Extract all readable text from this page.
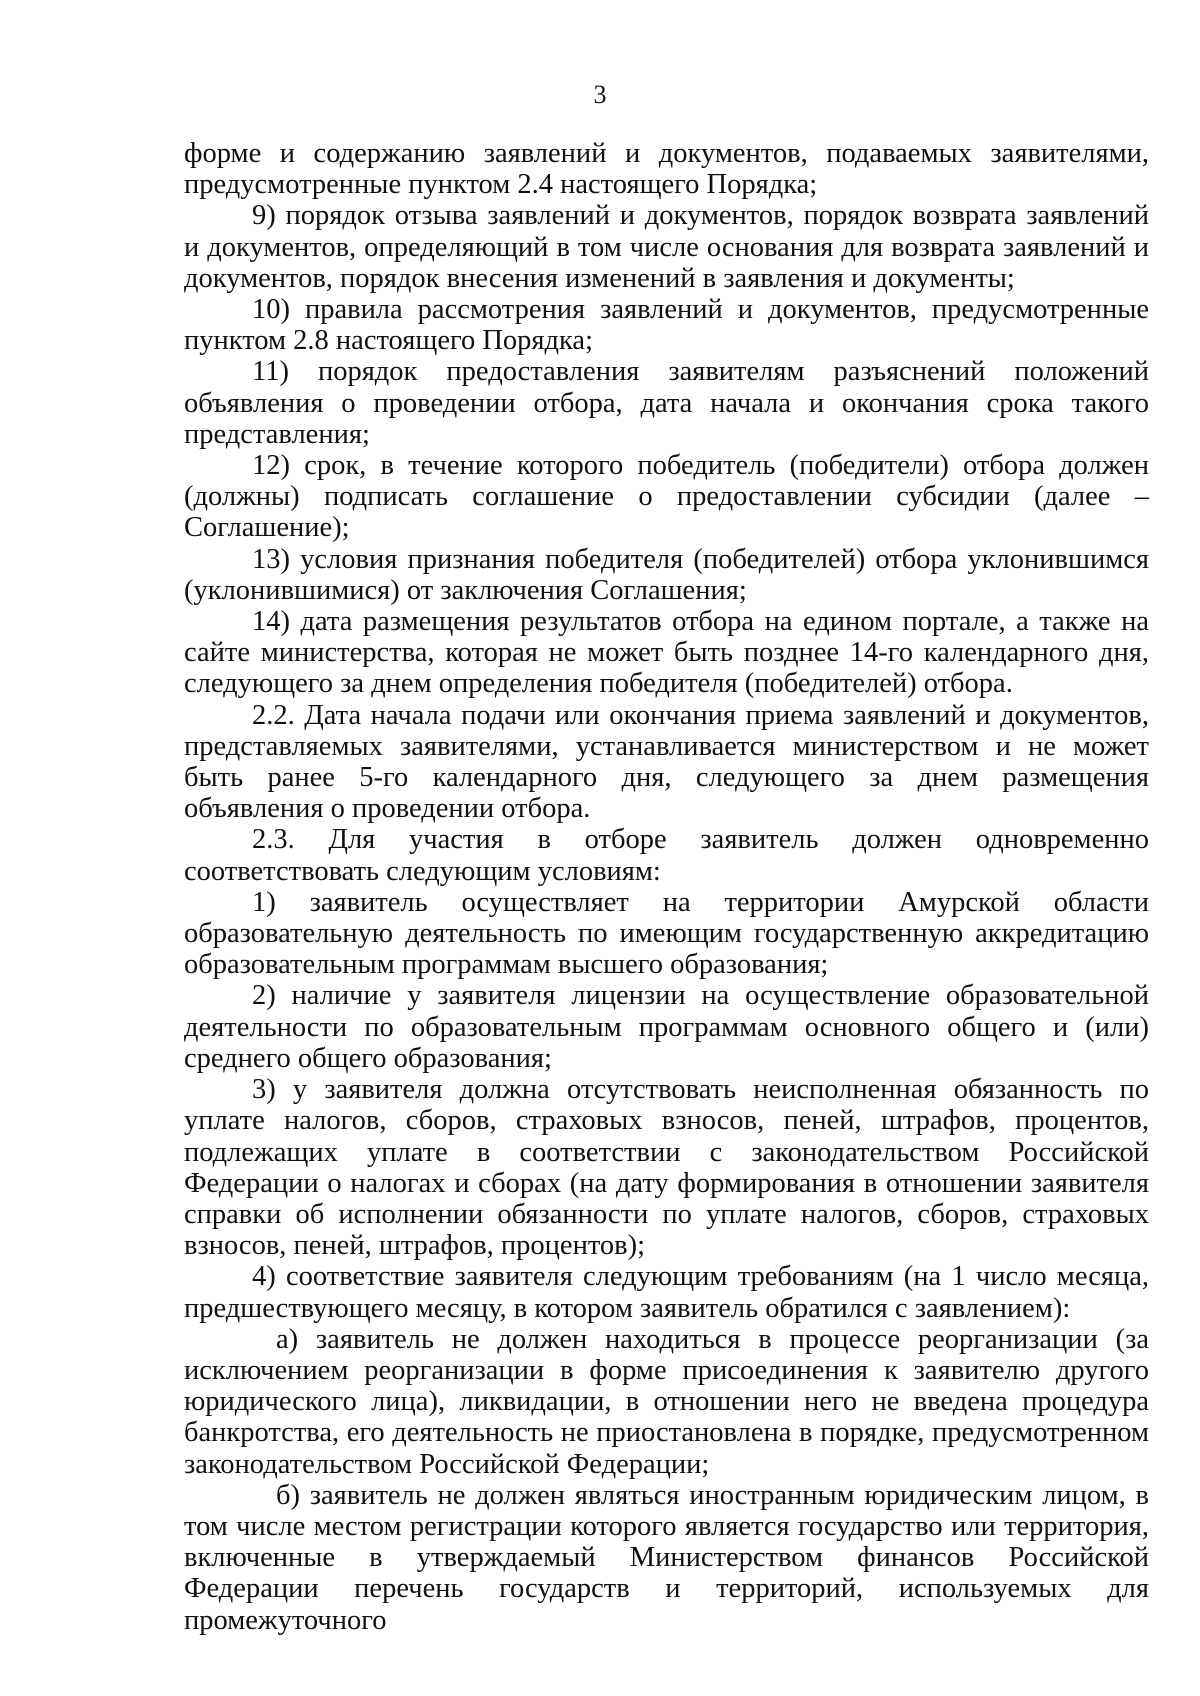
3

форме и содержанию заявлений и документов, подаваемых заявителями, предусмотренные пунктом 2.4 настоящего Порядка;

9) порядок отзыва заявлений и документов, порядок возврата заявлений и документов, определяющий в том числе основания для возврата заявлений и документов, порядок внесения изменений в заявления и документы;

10) правила рассмотрения заявлений и документов, предусмотренные пунктом 2.8 настоящего Порядка;

11) порядок предоставления заявителям разъяснений положений объявления о проведении отбора, дата начала и окончания срока такого представления;

12) срок, в течение которого победитель (победители) отбора должен (должны) подписать соглашение о предоставлении субсидии (далее – Соглашение);

13) условия признания победителя (победителей) отбора уклонившимся (уклонившимися) от заключения Соглашения;

14) дата размещения результатов отбора на едином портале, а также на сайте министерства, которая не может быть позднее 14-го календарного дня, следующего за днем определения победителя (победителей) отбора.

2.2. Дата начала подачи или окончания приема заявлений и документов, представляемых заявителями, устанавливается министерством и не может быть ранее 5-го календарного дня, следующего за днем размещения объявления о проведении отбора.

2.3. Для участия в отборе заявитель должен одновременно соответствовать следующим условиям:

1) заявитель осуществляет на территории Амурской области образовательную деятельность по имеющим государственную аккредитацию образовательным программам высшего образования;

2) наличие у заявителя лицензии на осуществление образовательной деятельности по образовательным программам основного общего и (или) среднего общего образования;

3) у заявителя должна отсутствовать неисполненная обязанность по уплате налогов, сборов, страховых взносов, пеней, штрафов, процентов, подлежащих уплате в соответствии с законодательством Российской Федерации о налогах и сборах (на дату формирования в отношении заявителя справки об исполнении обязанности по уплате налогов, сборов, страховых взносов, пеней, штрафов, процентов);

4) соответствие заявителя следующим требованиям (на 1 число месяца, предшествующего месяцу, в котором заявитель обратился с заявлением):

а) заявитель не должен находиться в процессе реорганизации (за исключением реорганизации в форме присоединения к заявителю другого юридического лица), ликвидации, в отношении него не введена процедура банкротства, его деятельность не приостановлена в порядке, предусмотренном законодательством Российской Федерации;

б) заявитель не должен являться иностранным юридическим лицом, в том числе местом регистрации которого является государство или территория, включенные в утверждаемый Министерством финансов Российской Федерации перечень государств и территорий, используемых для промежуточного
